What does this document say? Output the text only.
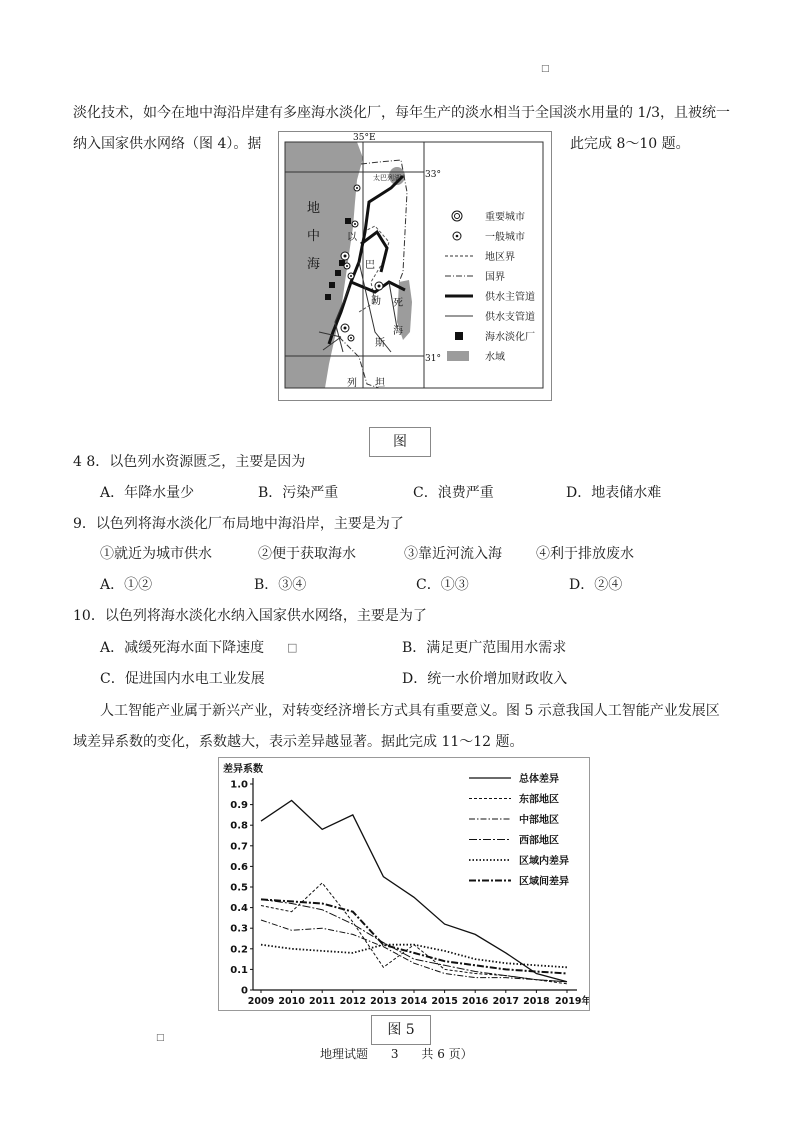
□
淡化技术，如今在地中海沿岸建有多座海水淡化厂，每年生产的淡水相当于全国淡水用量的 1/3，且被统一
纳入国家供水网络（图 4）。据	此完成 8～10 题。
35°E
33°
31°
太巴列湖
地
中
海
以
巴
勒
斯
列 坦
死
海
重要城市
一般城市
地区界
国界
供水主管道
供水支管道
海水淡化厂
水域
图
4 8．以色列水资源匮乏，主要是因为
A．年降水量少	B．污染严重	C．浪费严重	D．地表储水难
9．以色列将海水淡化厂布局地中海沿岸，主要是为了
①就近为城市供水	②便于获取海水	③靠近河流入海 ④利于排放废水
A．①②	B．③④	C．①③	D．②④
10．以色列将海水淡化水纳入国家供水网络，主要是为了
A．减缓死海水面下降速度 □	B．满足更广范围用水需求
C．促进国内水电工业发展	D．统一水价增加财政收入
人工智能产业属于新兴产业，对转变经济增长方式具有重要意义。图 5 示意我国人工智能产业发展区
域差异系数的变化，系数越大，表示差异越显著。据此完成 11～12 题。
差异系数
0
0.1
0.2
0.3
0.4
0.5
0.6
0.7
0.8
0.9
1.0
2009 2010 2011 2012 2013 2014 2015 2016 2017 2018 2019年
总体差异
东部地区
中部地区
西部地区
区域内差异
区域间差异
图 5
□
地理试题      3      共 6 页）
